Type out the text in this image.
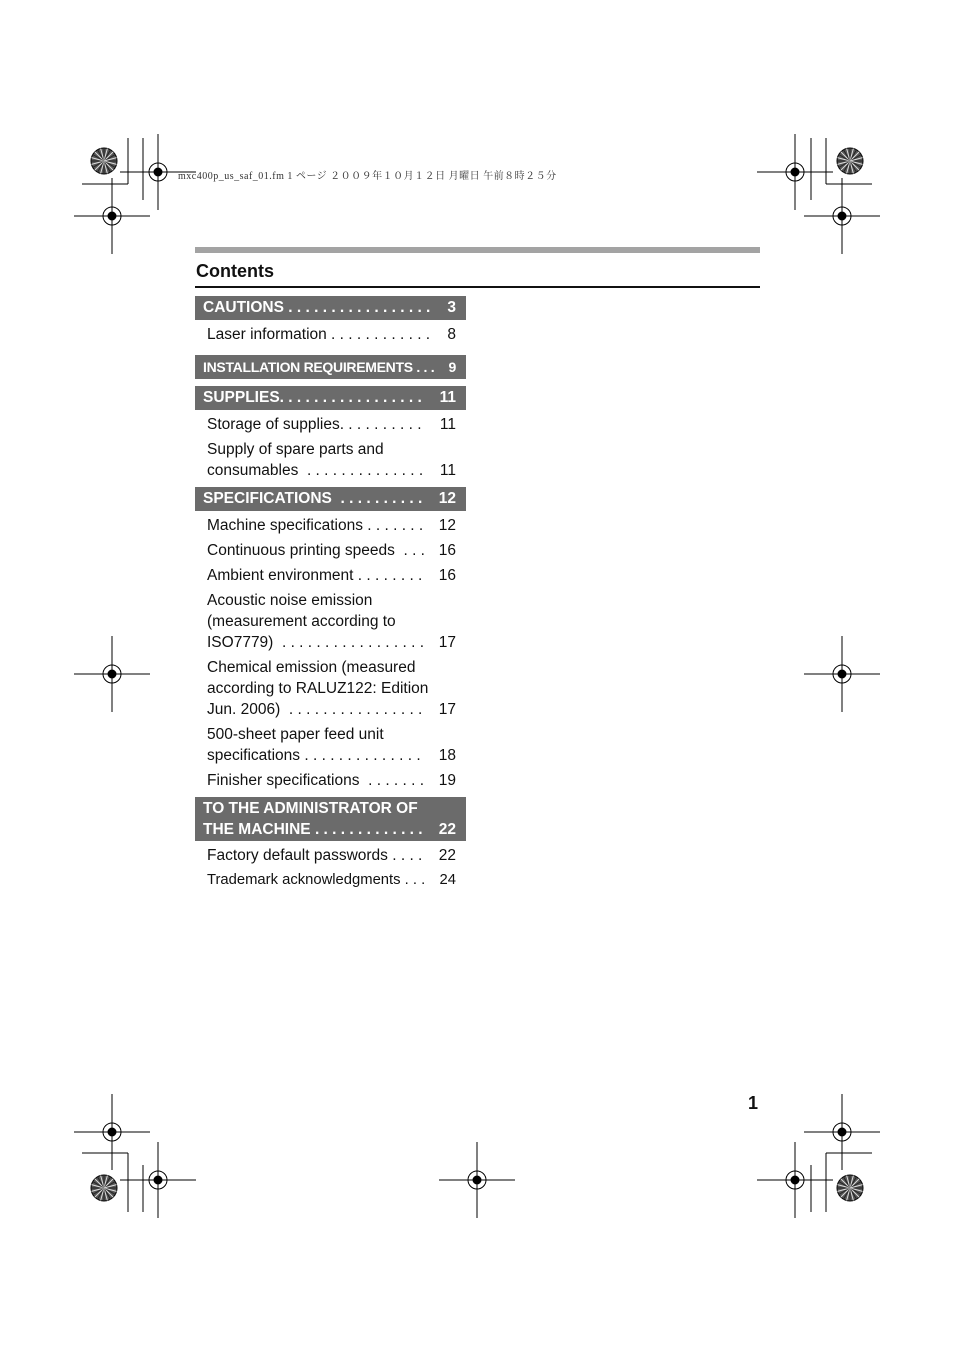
mxc400p_us_saf_01.fm 1 ページ ２００９年１０月１２日 月曜日 午前８時２５分
Contents
CAUTIONS . . . . . . . . . . . . . . . . . 3
Laser information . . . . . . . . . . . . 8
INSTALLATION REQUIREMENTS . . . 9
SUPPLIES. . . . . . . . . . . . . . . . . 11
Storage of supplies. . . . . . . . . . 11
Supply of spare parts and
consumables  . . . . . . . . . . . . . . 11
SPECIFICATIONS  . . . . . . . . . . 12
Machine specifications . . . . . . . 12
Continuous printing speeds  . . . 16
Ambient environment . . . . . . . . 16
Acoustic noise emission
(measurement according to
ISO7779)  . . . . . . . . . . . . . . . . . 17
Chemical emission (measured
according to RALUZ122: Edition
Jun. 2006)  . . . . . . . . . . . . . . . .	17
500-sheet paper feed unit
specifications . . . . . . . . . . . . . . 18
Finisher specifications  . . . . . . . 19
TO THE ADMINISTRATOR OF
THE MACHINE . . . . . . . . . . . . . 22
Factory default passwords . . . . 22
Trademark acknowledgments . . . 24
1
